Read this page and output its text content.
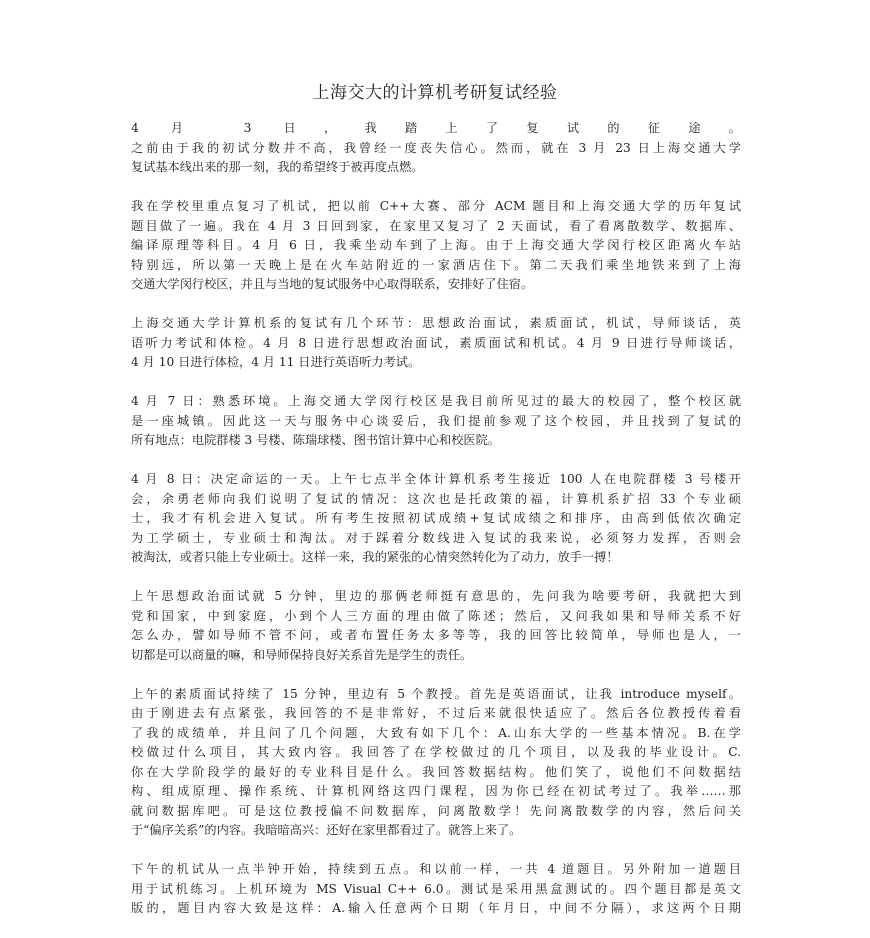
上海交大的计算机考研复试经验
4 月 3 日，我踏上了复试的征途。
之前由于我的初试分数并不高，我曾经一度丧失信心。然而，就在 3 月 23 日上海交通大学
复试基本线出来的那一刻，我的希望终于被再度点燃。
我在学校里重点复习了机试，把以前 C++大赛、部分 ACM 题目和上海交通大学的历年复试
题目做了一遍。我在 4 月 3 日回到家，在家里又复习了 2 天面试，看了看离散数学、数据库、
编译原理等科目。4 月 6 日，我乘坐动车到了上海。由于上海交通大学闵行校区距离火车站
特别远，所以第一天晚上是在火车站附近的一家酒店住下。第二天我们乘坐地铁来到了上海
交通大学闵行校区，并且与当地的复试服务中心取得联系，安排好了住宿。
上海交通大学计算机系的复试有几个环节：思想政治面试，素质面试，机试，导师谈话，英
语听力考试和体检。4 月 8 日进行思想政治面试，素质面试和机试。4 月 9 日进行导师谈话，
4 月 10 日进行体检，4 月 11 日进行英语听力考试。
4 月 7 日：熟悉环境。上海交通大学闵行校区是我目前所见过的最大的校园了，整个校区就
是一座城镇。因此这一天与服务中心谈妥后，我们提前参观了这个校园，并且找到了复试的
所有地点：电院群楼 3 号楼、陈瑞球楼、图书馆计算中心和校医院。
4 月 8 日：决定命运的一天。上午七点半全体计算机系考生接近 100 人在电院群楼 3 号楼开
会，余勇老师向我们说明了复试的情况：这次也是托政策的福，计算机系扩招 33 个专业硕
士，我才有机会进入复试。所有考生按照初试成绩+复试成绩之和排序，由高到低依次确定
为工学硕士，专业硕士和淘汰。对于踩着分数线进入复试的我来说，必须努力发挥，否则会
被淘汰，或者只能上专业硕士。这样一来，我的紧张的心情突然转化为了动力，放手一搏！
上午思想政治面试就 5 分钟，里边的那俩老师挺有意思的，先问我为啥要考研，我就把大到
党和国家，中到家庭，小到个人三方面的理由做了陈述；然后，又问我如果和导师关系不好
怎么办，譬如导师不管不问，或者布置任务太多等等，我的回答比较简单，导师也是人，一
切都是可以商量的嘛，和导师保持良好关系首先是学生的责任。
上午的素质面试持续了 15 分钟，里边有 5 个教授。首先是英语面试，让我 introduce myself。
由于刚进去有点紧张，我回答的不是非常好，不过后来就很快适应了。然后各位教授传着看
了我的成绩单，并且问了几个问题，大致有如下几个：A.山东大学的一些基本情况。B.在学
校做过什么项目，其大致内容。我回答了在学校做过的几个项目，以及我的毕业设计。C.
你在大学阶段学的最好的专业科目是什么。我回答数据结构。他们笑了，说他们不问数据结
构、组成原理、操作系统、计算机网络这四门课程，因为你已经在初试考过了。我举……那
就问数据库吧。可是这位教授偏不问数据库，问离散数学！先问离散数学的内容，然后问关
于“偏序关系”的内容。我暗暗高兴：还好在家里都看过了。就答上来了。
下午的机试从一点半钟开始，持续到五点。和以前一样，一共 4 道题目。另外附加一道题目
用于试机练习。上机环境为 MS Visual C++ 6.0。测试是采用黑盒测试的。四个题目都是英文
版的，题目内容大致是这样：A.输入任意两个日期（年月日，中间不分隔），求这两个日期
